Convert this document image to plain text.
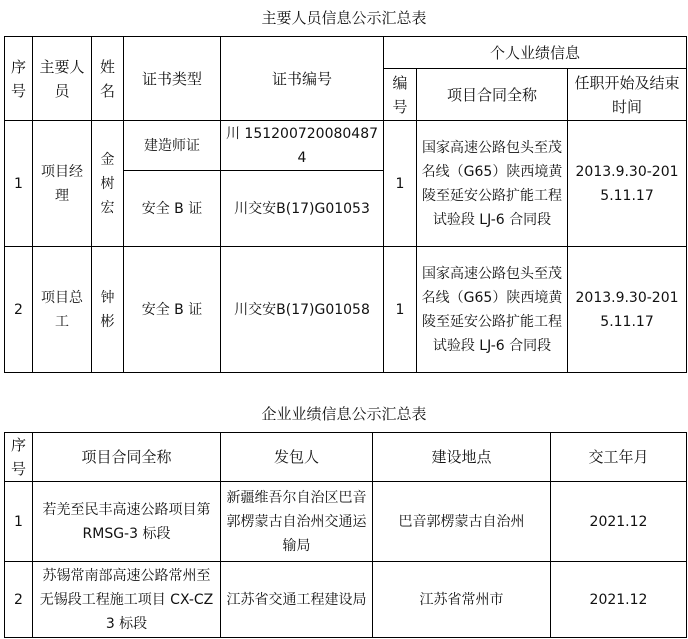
主要人员信息公示汇总表
序号	主要人员	姓名	证书类型	证书编号	个人业绩信息		
					编号	项目合同全称	任职开始及结束时间
1	项目经理	金树宏	建造师证	川 1512007200804874	1	国家高速公路包头至茂名线（G65）陕西境黄陵至延安公路扩能工程试验段 LJ-6 合同段	2013.9.30-2015.11.17
			安全 B 证	川交安B(17)G01053			
2	项目总工	钟彬	安全 B 证	川交安B(17)G01058	1	国家高速公路包头至茂名线（G65）陕西境黄陵至延安公路扩能工程试验段 LJ-6 合同段	2013.9.30-2015.11.17
企业业绩信息公示汇总表
序号	项目合同全称	发包人	建设地点	交工年月
1	若羌至民丰高速公路项目第 RMSG-3 标段	新疆维吾尔自治区巴音郭楞蒙古自治州交通运输局	巴音郭楞蒙古自治州	2021.12
2	苏锡常南部高速公路常州至无锡段工程施工项目 CX-CZ3 标段	江苏省交通工程建设局	江苏省常州市	2021.12
